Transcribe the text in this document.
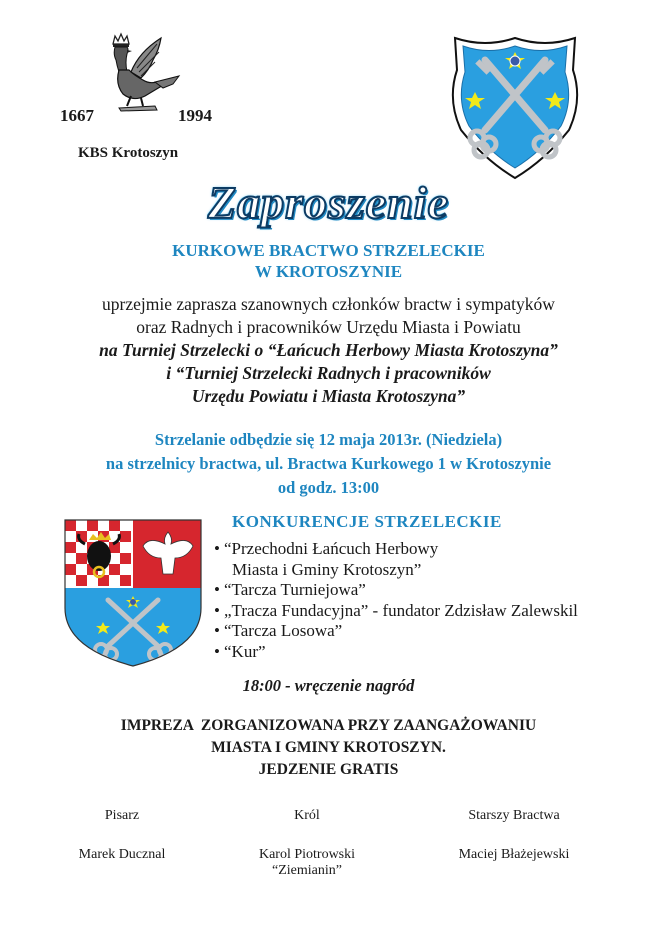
1667	1994
KBS Krotoszyn
Zaproszenie
KURKOWE BRACTWO STRZELECKIE
W KROTOSZYNIE
uprzejmie zaprasza szanownych członków bractw i sympatyków
oraz Radnych i pracowników Urzędu Miasta i Powiatu
na Turniej Strzelecki o “Łańcuch Herbowy Miasta Krotoszyna”
i “Turniej Strzelecki Radnych i pracowników
Urzędu Powiatu i Miasta Krotoszyna”
Strzelanie odbędzie się 12 maja 2013r. (Niedziela)
na strzelnicy bractwa, ul. Bractwa Kurkowego 1 w Krotoszynie
od godz. 13:00
KONKURENCJE STRZELECKIE
• “Przechodni Łańcuch Herbowy
Miasta i Gminy Krotoszyn”
• “Tarcza Turniejowa”
• „Tracza Fundacyjna” - fundator Zdzisław Zalewskil
• “Tarcza Losowa”
• “Kur”
18:00 - wręczenie nagród
IMPREZA  ZORGANIZOWANA PRZY ZAANGAŻOWANIU
MIASTA I GMINY KROTOSZYN.
JEDZENIE GRATIS
Pisarz
Marek Ducznal
Król
Karol Piotrowski
“Ziemianin”
Starszy Bractwa
Maciej Błażejewski
